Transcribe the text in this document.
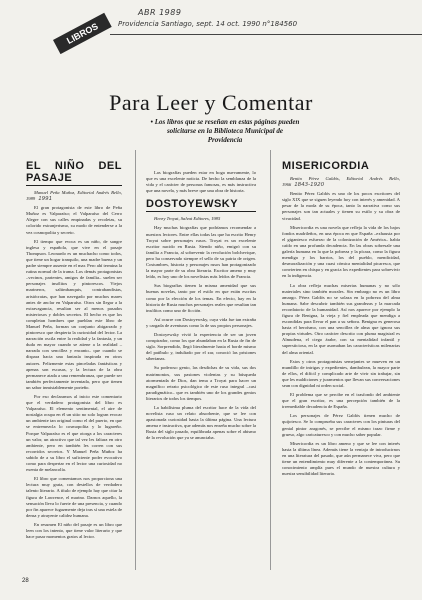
ABR 1989
Providencia Santiago, sept. 14 oct. 1990 n°184560
LIBROS
Para Leer y Comentar
• Los libros que se reseñan en estas páginas pueden solicitarse en la Biblioteca Municipal de Providencia
EL NIÑO DEL PASAJE

Manuel Peña Muñoz, Editorial Andrés Bello, 1989 1991

El gran protagonista de este libro de Peña Muñoz es Valparaíso; el Valparaíso del Cerro Alegre con sus calles empinadas y recoletas, su colorido extranjerismo, su modo de entenderse a la vez cosmopolita y secreto.

El tiempo que evoca es un niño, de sangre inglesa y española, que vive en el pasaje Thompson. Leonardo es un muchacho como todos, que tiene un hogar tranquilo, una madre buena y un padre siempre ausente en el mar. Pero ahí termina la rutina normal de la trama. Los demás protagonistas –vecinos, parientes, amigos de familia– suelen ser personajes insólitos y pintorescos. Viejos marineros, saltimbanquis, contrabandistas, aristócratas, que han navegado por muchos mares antes de anclar en Valparaíso. Otros sin llegar a la extravagancia, resultan ser al menos pasados misteriosos y dobles secretos. El hecho es que los completan hombres que pueblan este libro de Manuel Peña, forman un conjunto abigarrado y pintoresco que despierta la curiosidad del lector. La narración oscila entre la realidad y la fantasía, y un duda en mayor cuando se atiene a la realidad –narrada con sencillez y encanto– que cuando se dispara hacia una fantasía inspirada en otros autores. Felizmente estas pinceladas fantásticas y apenas son escasas, y la lectura de la obra permanece atada a una remembranza, que puede ser también perfectamente inventada, pero que tienen un sabor inmistablemente porteño.

Por eso declaramos al inicio este comentario que el verdadero protagonista del libro es Valparaíso. El elemento sentimental, el aire de nostalgia ocupa en él un sitio no solo logran evocar un ambiente tan original como el del puerto, en que se entremezcla lo cosmopolita y lo lugareño. Porque Valparaíso es el que otorga a los caracteres un valor, un atractivo que tal vez les faltara en otro ambiente, pero en también les corren con sus recorridos secretos. Y Manuel Peña Muñoz ha sabido de a su libro el suficiente poder evocativo como para despertar en el lector una curiosidad no exenta de melancolía.

El libro que comentamos nos proporciona una lectura muy grata, con destellos de verdadero talento literario. A título de ejemplo hay que citar la figura de Lawrence, el marino. Darnos aquello, la sensación lleva lo fuerte de una presencia, y cuando por fin aparece fugazmente deja tras sí una estela de densa y atrayente calidez humana.

En resumen El niño del pasaje es un libro que leen con los intento, que tiene valor literario y que hace pasar momentos gratos al lector.

Las biografías pueden estar en boga nuevamente, lo que es una excelente noticia. De hecho la semblanza de la vida y el carácter de personas famosas, es más instructiva que una novela, y más breve que una obra de historia.

DOSTOYEWSKY

Henry Troyat, Salvat Editores, 1985

Hay muchas biografías que podríamos recomendar a nuestros lectores. Entre ellas todas las que ha escrito Henry Troyat sobre personajes rusos. Troyat es un excelente escritor nacido en Rusia. Siendo niño, emigró con su familia a Francia, al sobrevenir la revolución bolchevique, pero ha conservado siempre el sello de su patria de origen. Costumbres, historia y personajes rusos han protagonizado la mayor parte de su obra literaria. Escritor ameno y muy leído, es hoy uno de los novelistas más leídos de Francia.

Sus biografías tienen la misma amenidad que sus buenas novelas, tanto por el estilo en que están escritas como por la elección de los temas. En efecto, hay en la historia de Rusia muchos personajes reales que resultan tan insólitos como uno de ficción.

Así ocurre con Dostoyewsky, cuya vida fue tan extraña y cargada de aventuras como la de sus propios personajes.

Dostoyewsky vivió la experiencia de ser un joven conspirador, como los que abundaban en la Rusia de fin de siglo. Sorprendido, llegó literalmente hasta el borde mismo del patíbulo y, indultado por el zar, conoció las prisiones siberianas.

Su poderoso genio, las desdichas de su vida, sus dos matrimonios, sus pasiones violentas y su búsqueda atormentada de Dios, dan tema a Troyat para hacer un magnífico retrato psicológico de este ruso integral –casi paradigmático– que es también uno de los grandes genios literarios de todos los tiempos.

La habilísima pluma del escritor hace de la vida del novelista ruso un relato absorbente, que se lee con apasionada curiosidad hasta la última página. Una lectura amena e instructiva, que además nos enseña mucho sobre la Rusia del siglo pasado, equilibrada apenas sobre el abismo de la revolución que ya se anunciaba.

MISERICORDIA

Benito Pérez Galdós, Editorial Andrés Bello, 1966 1843-1920

Benito Pérez Galdós es uno de los pocos escritores del siglo XIX que se siguen leyendo hoy con interés y amenidad. A pesar de la moda de su época, tanto la narrativa como sus personajes son tan actuales y tienen su estilo y su obra de vivacidad.

Misericordia es una novela que refleja la vida de los bajos fondos madrileños, en una época en que España –exhausta por el gigantesco esfuerzo de la colonización de América– había caído en una profunda decadencia. En las obras sobresale una galería humana en la que la pobreza y la pícara, como la figura mendiga y los barrios, los del pueblo, mendicidad, desmoralización y una cuasi cómica mentalidad picaresca, que convierten en chispa y en gracia los expedientes para sobrevivir en la indigencia.

La obra refleja muchas miserias humanas y no sólo materiales sino también morales. Sin embargo no es un libro amargo. Pérez Galdós no se solaza en la pobreza del alma humana. Sabe descubrir también sus grandezas y la marcada recordatorio de la humanidad. Así nos aparece por ejemplo la figura de Benigna, la vieja y fiel empleada que mendiga a escondidas para llevar el pan a su señora. Benigna es generosa hasta el heroísmo, con una sencillez de alma que ignora sus propias virtudes. Otro carácter descrito con pluma magistral es Almudena, el ciego árabe, con su mentalidad infantil y supersticiosa, en la que asomaban las características milenarias del alma oriental.

Estos y otros protagonistas semejantes se mueven en un mundillo de intrigas y expedientes, dambulean, la mayor parte de ellos, el difícil y complicado arte de vivir sin trabajar, sin que les maldiciones y juramentos que llevan sus conversaciones sean con dignidad ni orden social.

El problema que se percibe en el trasfondo del ambiente que el gran escritor, es una percepción también de la irremediable decadencia de España.

Los personajes de Pérez Galdós tienen mucho de quijotesco. Se lo comprueba sus caracteres con los pinturas del genial pintor aragonés, se percibe el mismo trazo firme y grueso, algo caricaturesco y con mucho saber popular.

Misericordia es un libro ameno y que se lee con interés hasta la última línea. Además tiene la ventaja de introducirnos en una literatura del pasado, que aún permanece viva, pero que tiene un entendimiento muy diferente a la contemporánea. Su conocimiento amplía pues el mundo de nuestra cultura y nuestra sensibilidad literaria.

28
